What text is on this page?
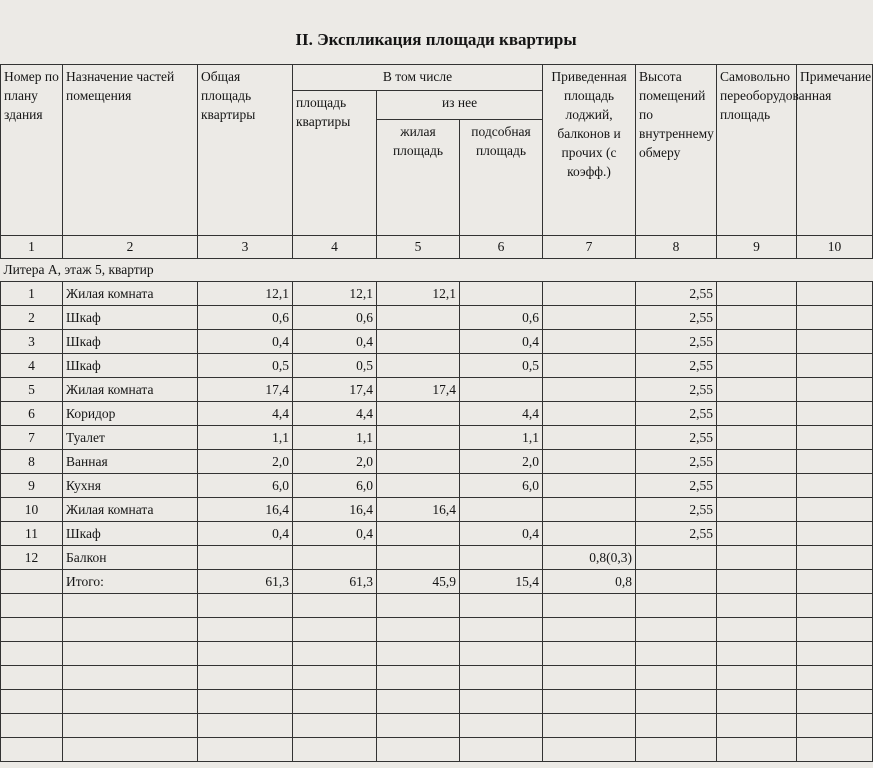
II. Экспликация площади квартиры
Номер по плану здания	Назначение частей помещения	Общая площадь квартиры	В том числе			Приведенная площадь лоджий, балконов и прочих (с коэфф.)	Высота помещений по внутреннему обмеру	Самовольно переоборудованная площадь	Примечание
			площадь квартиры	из нее					
				жилая площадь	подсобная площадь				
1	2	3	4	5	6	7	8	9	10
Литера А, этаж 5, квартир									
1	Жилая комната	12,1	12,1	12,1			2,55		
2	Шкаф	0,6	0,6		0,6		2,55		
3	Шкаф	0,4	0,4		0,4		2,55		
4	Шкаф	0,5	0,5		0,5		2,55		
5	Жилая комната	17,4	17,4	17,4			2,55		
6	Коридор	4,4	4,4		4,4		2,55		
7	Туалет	1,1	1,1		1,1		2,55		
8	Ванная	2,0	2,0		2,0		2,55		
9	Кухня	6,0	6,0		6,0		2,55		
10	Жилая комната	16,4	16,4	16,4			2,55		
11	Шкаф	0,4	0,4		0,4		2,55		
12	Балкон					0,8(0,3)			
	Итого:	61,3	61,3	45,9	15,4	0,8			
